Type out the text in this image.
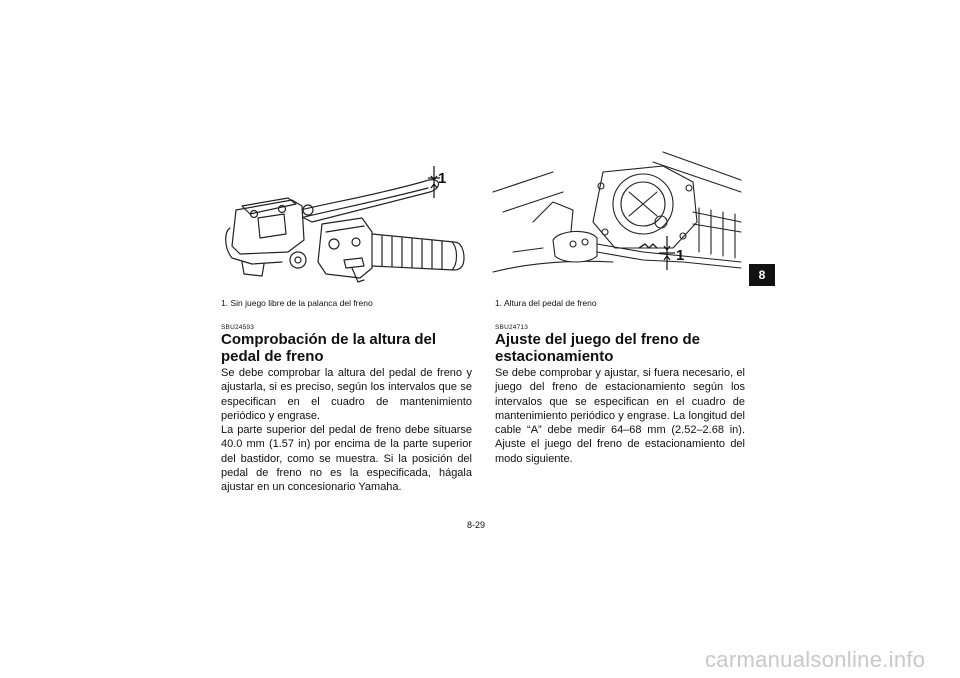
8
1
1
1. Sin juego libre de la palanca del freno
SBU24593
Comprobación de la altura del pedal de freno
Se debe comprobar la altura del pedal de freno y ajustarla, si es preciso, según los intervalos que se especifican en el cuadro de mantenimiento periódico y engrase.
La parte superior del pedal de freno debe situarse 40.0 mm (1.57 in) por encima de la parte superior del bastidor, como se muestra. Si la posición del pedal de freno no es la especificada, hágala ajustar en un concesionario Yamaha.
1. Altura del pedal de freno
SBU24713
Ajuste del juego del freno de estacionamiento
Se debe comprobar y ajustar, si fuera necesario, el juego del freno de estacionamiento según los intervalos que se especifican en el cuadro de mantenimiento periódico y engrase. La longitud del cable “A” debe medir 64–68 mm (2.52–2.68 in). Ajuste el juego del freno de estacionamiento del modo siguiente.
8-29
carmanualsonline.info
